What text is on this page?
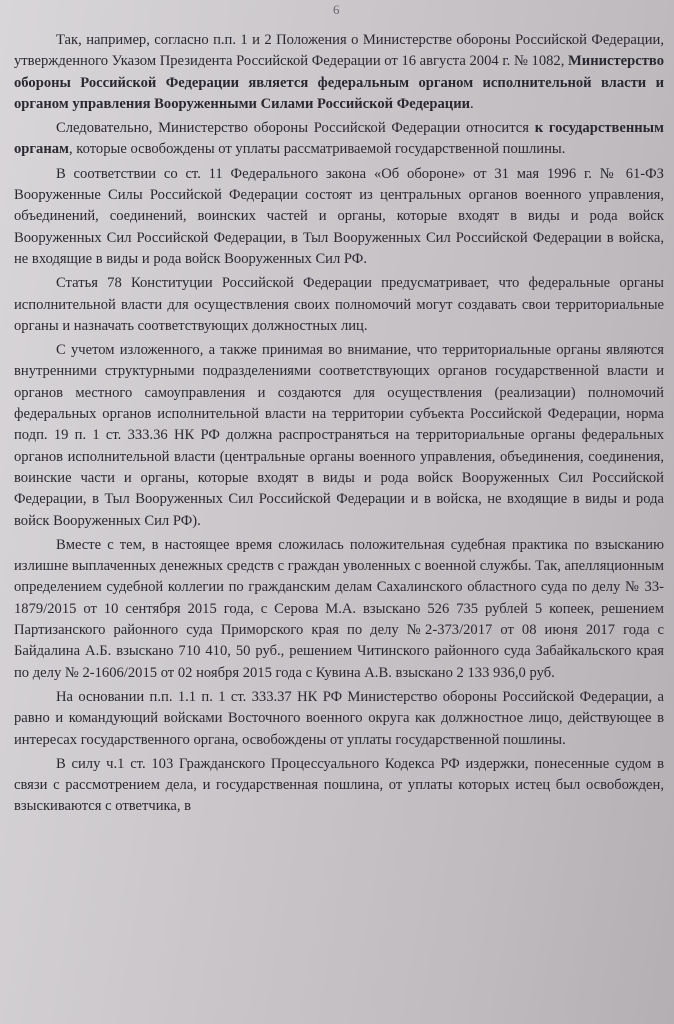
6

Так, например, согласно п.п. 1 и 2 Положения о Министерстве обороны Российской Федерации, утвержденного Указом Президента Российской Федерации от 16 августа 2004 г. № 1082, Министерство обороны Российской Федерации является федеральным органом исполнительной власти и органом управления Вооруженными Силами Российской Федерации.

Следовательно, Министерство обороны Российской Федерации относится к государственным органам, которые освобождены от уплаты рассматриваемой государственной пошлины.

В соответствии со ст. 11 Федерального закона «Об обороне» от 31 мая 1996 г. № 61-ФЗ Вооруженные Силы Российской Федерации состоят из центральных органов военного управления, объединений, соединений, воинских частей и органы, которые входят в виды и рода войск Вооруженных Сил Российской Федерации, в Тыл Вооруженных Сил Российской Федерации в войска, не входящие в виды и рода войск Вооруженных Сил РФ.

Статья 78 Конституции Российской Федерации предусматривает, что федеральные органы исполнительной власти для осуществления своих полномочий могут создавать свои территориальные органы и назначать соответствующих должностных лиц.

С учетом изложенного, а также принимая во внимание, что территориальные органы являются внутренними структурными подразделениями соответствующих органов государственной власти и органов местного самоуправления и создаются для осуществления (реализации) полномочий федеральных органов исполнительной власти на территории субъекта Российской Федерации, норма подп. 19 п. 1 ст. 333.36 НК РФ должна распространяться на территориальные органы федеральных органов исполнительной власти (центральные органы военного управления, объединения, соединения, воинские части и органы, которые входят в виды и рода войск Вооруженных Сил Российской Федерации, в Тыл Вооруженных Сил Российской Федерации и в войска, не входящие в виды и рода войск Вооруженных Сил РФ).

Вместе с тем, в настоящее время сложилась положительная судебная практика по взысканию излишне выплаченных денежных средств с граждан уволенных с военной службы. Так, апелляционным определением судебной коллегии по гражданским делам Сахалинского областного суда по делу № 33-1879/2015 от 10 сентября 2015 года, с Серова М.А. взыскано 526 735 рублей 5 копеек, решением Партизанского районного суда Приморского края по делу №2-373/2017 от 08 июня 2017 года с Байдалина А.Б. взыскано 710 410, 50 руб., решением Читинского районного суда Забайкальского края по делу № 2-1606/2015 от 02 ноября 2015 года с Кувина А.В. взыскано 2 133 936,0 руб.

На основании п.п. 1.1 п. 1 ст. 333.37 НК РФ Министерство обороны Российской Федерации, а равно и командующий войсками Восточного военного округа как должностное лицо, действующее в интересах государственного органа, освобождены от уплаты государственной пошлины.

В силу ч.1 ст. 103 Гражданского Процессуального Кодекса РФ издержки, понесенные судом в связи с рассмотрением дела, и государственная пошлина, от уплаты которых истец был освобожден, взыскиваются с ответчика, в
